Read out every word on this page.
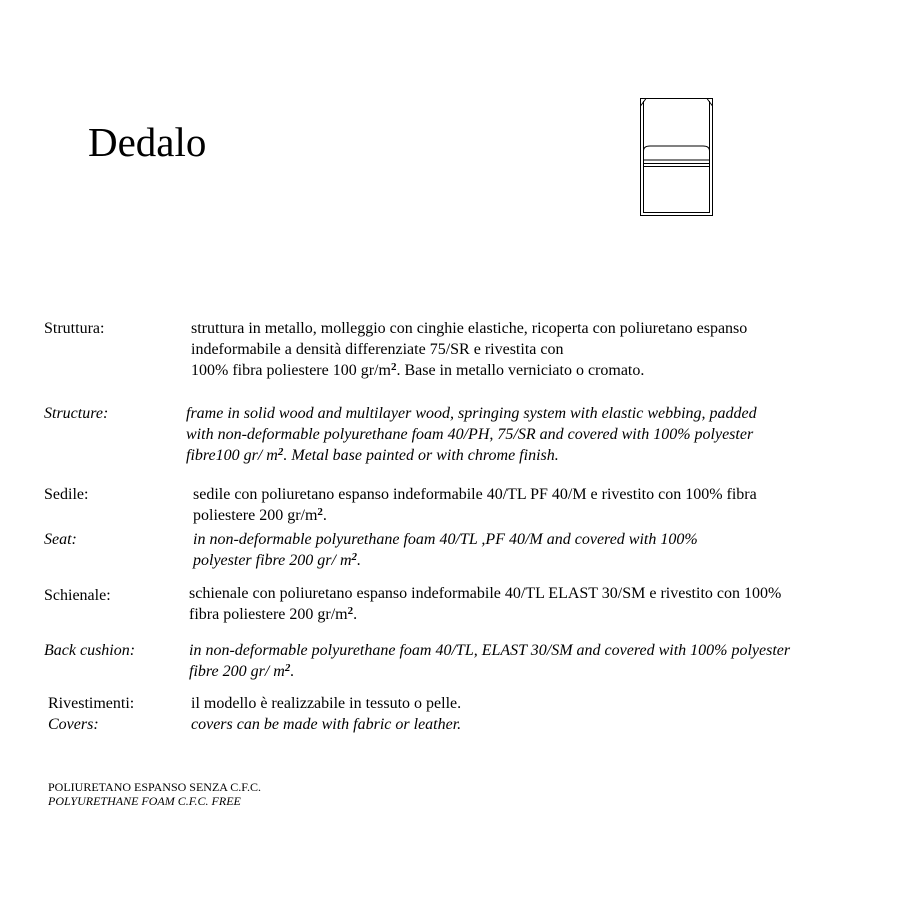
Dedalo
Struttura:	struttura in metallo, molleggio con cinghie elastiche, ricoperta con poliuretano espanso
indeformabile a densità differenziate 75/SR e rivestita con
100% fibra poliestere 100 $gr/m^2$. Base in metallo verniciato o cromato.
Structure:	frame in solid wood and multilayer wood, springing system with elastic webbing, padded
with non-deformable polyurethane foam 40/PH, 75/SR and covered with 100% polyester
fibre100 gr/ $m^2$. Metal base painted or with chrome finish.
Sedile:	sedile con poliuretano espanso indeformabile 40/TL PF 40/M e rivestito con 100% fibra
poliestere 200 $gr/m^2$.
Seat:	in non-deformable polyurethane foam 40/TL ,PF 40/M and covered with 100%
polyester fibre 200 gr/ $m^2$.
Schienale:	schienale con poliuretano espanso indeformabile 40/TL ELAST 30/SM e rivestito con 100%
fibra poliestere 200 $gr/m^2$.
Back cushion:	in non-deformable polyurethane foam 40/TL, ELAST 30/SM and covered with 100% polyester
fibre 200 gr/ $m^2$.
Rivestimenti:	il modello è realizzabile in tessuto o pelle.
Covers:	covers can be made with fabric or leather.
POLIURETANO ESPANSO SENZA C.F.C.
POLYURETHANE FOAM C.F.C. FREE
